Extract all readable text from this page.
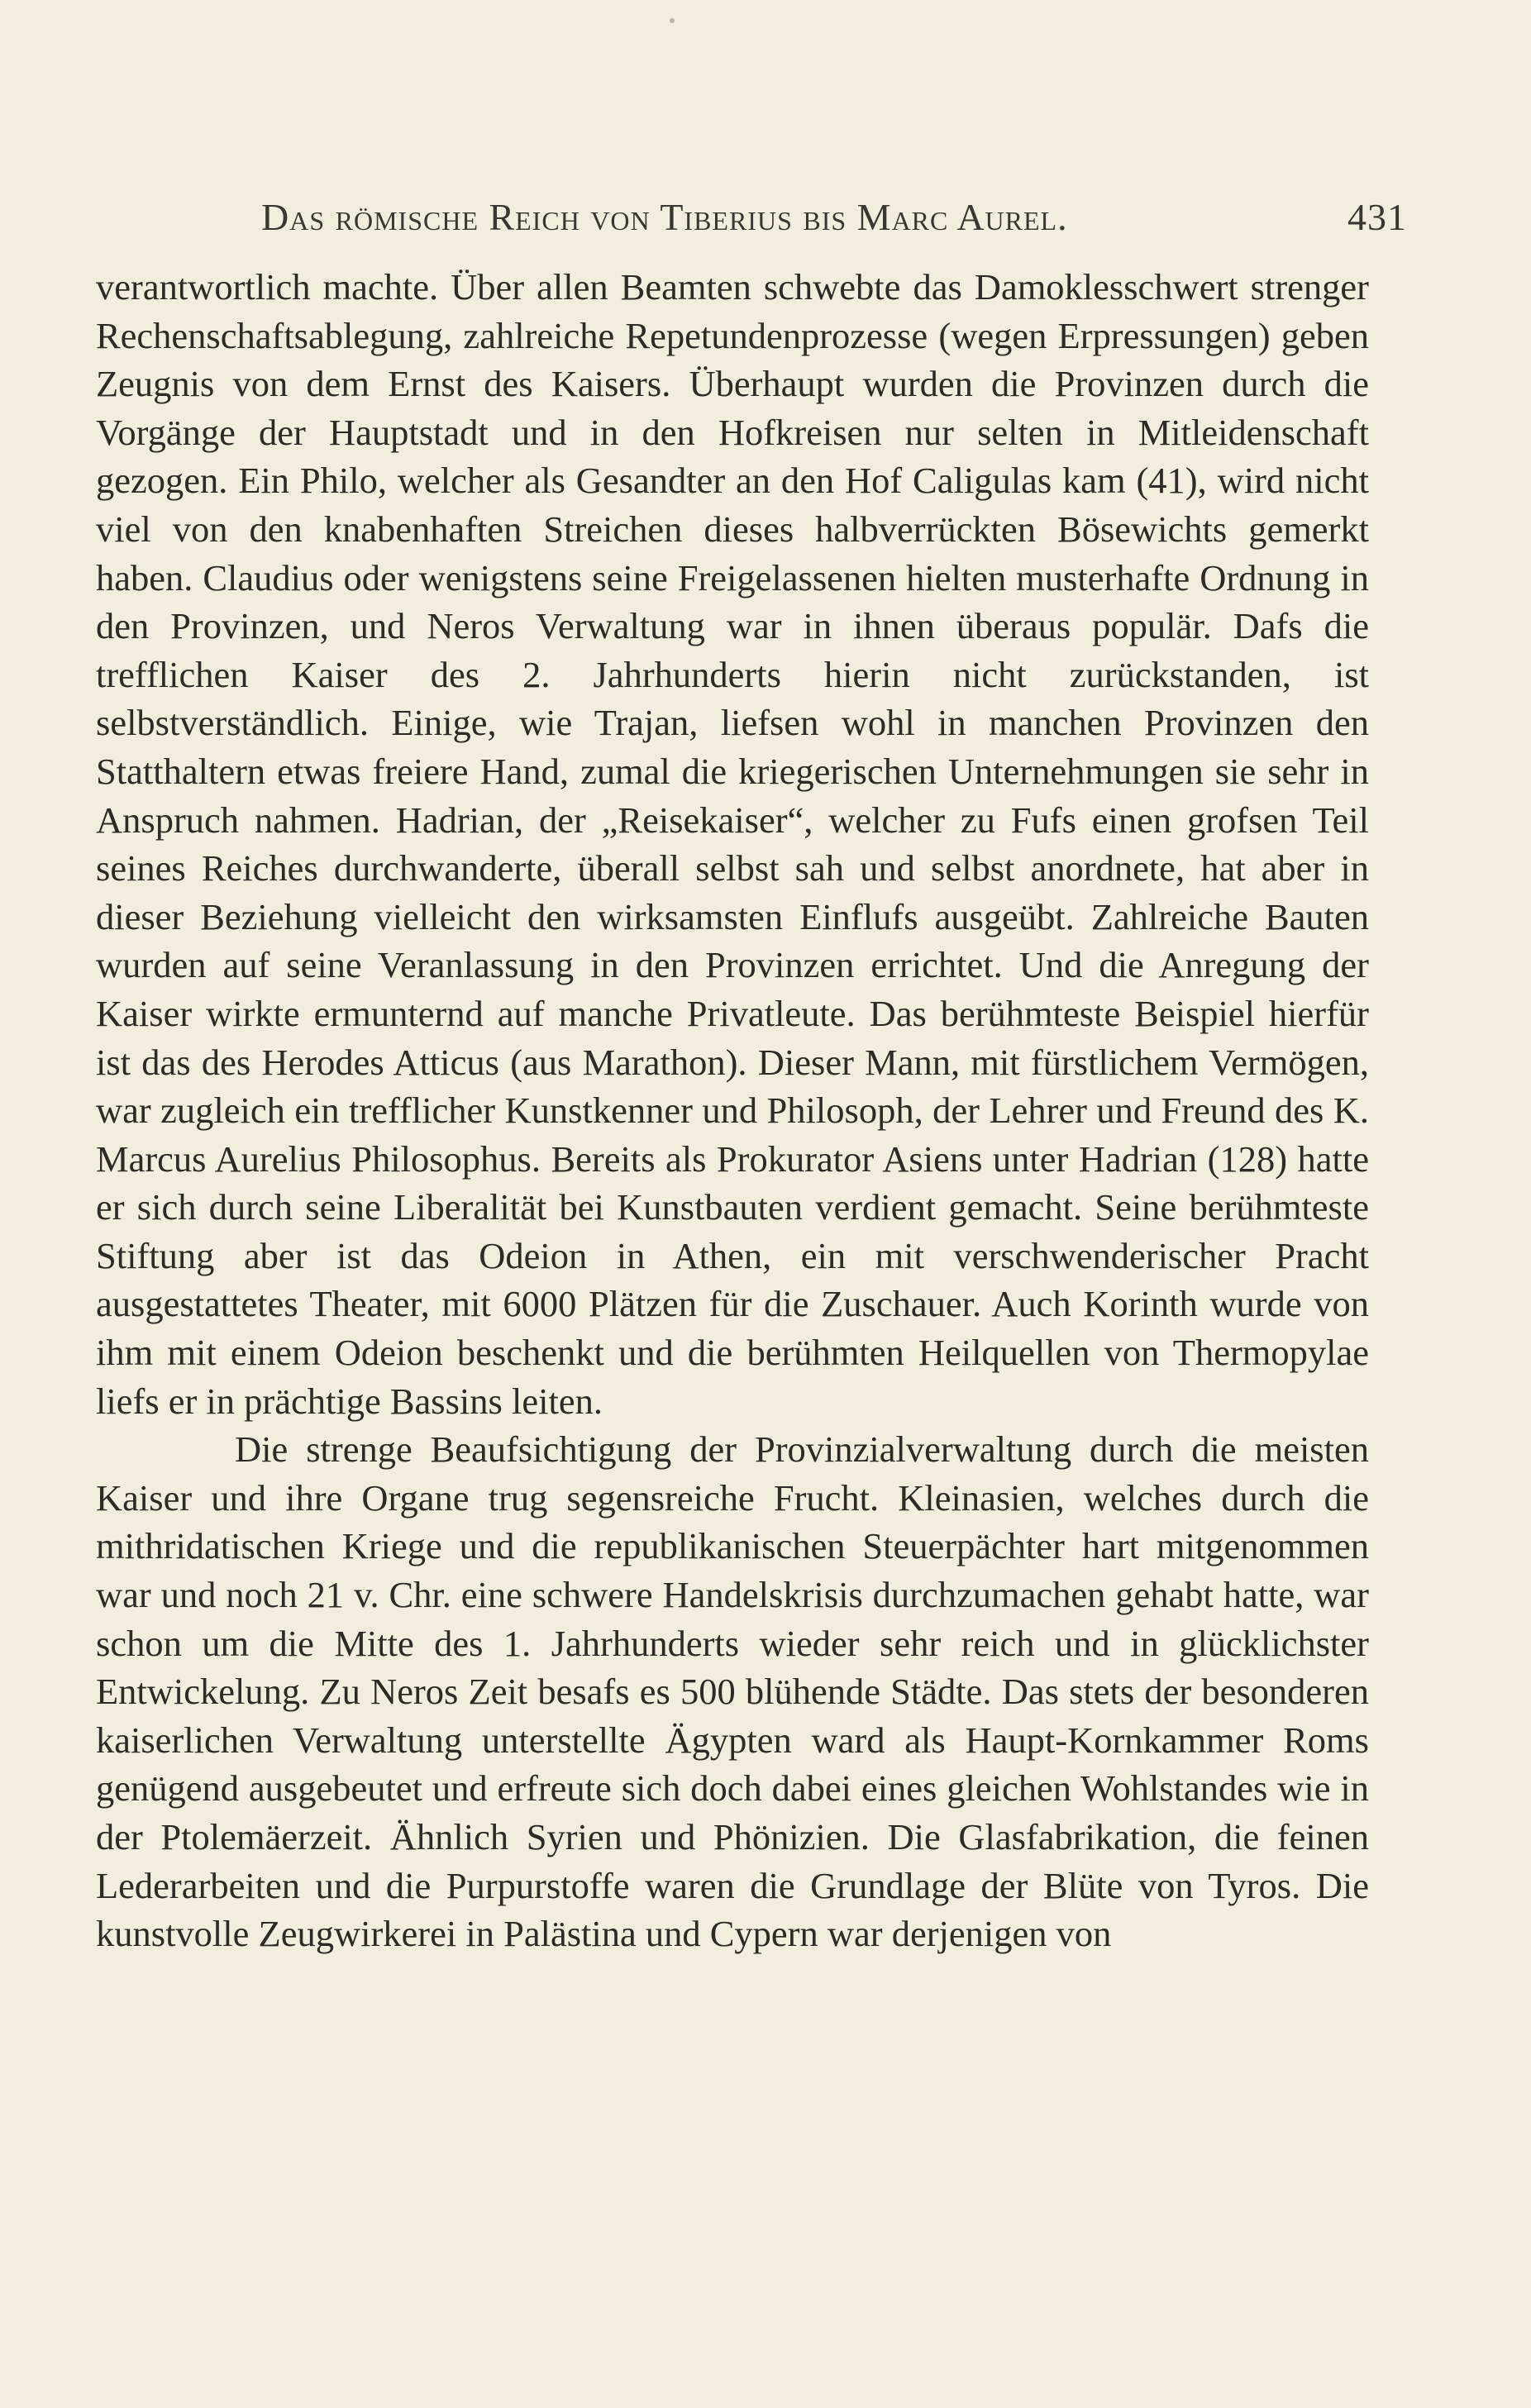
Das römische Reich von Tiberius bis Marc Aurel.	431

verantwortlich machte. Über allen Beamten schwebte das Damoklesschwert strenger Rechenschaftsablegung, zahlreiche Repetundenprozesse (wegen Erpressungen) geben Zeugnis von dem Ernst des Kaisers. Überhaupt wurden die Provinzen durch die Vorgänge der Hauptstadt und in den Hofkreisen nur selten in Mitleidenschaft gezogen. Ein Philo, welcher als Gesandter an den Hof Caligulas kam (41), wird nicht viel von den knabenhaften Streichen dieses halbverrückten Bösewichts gemerkt haben. Claudius oder wenigstens seine Freigelassenen hielten musterhafte Ordnung in den Provinzen, und Neros Verwaltung war in ihnen überaus populär. Dafs die trefflichen Kaiser des 2. Jahrhunderts hierin nicht zurückstanden, ist selbstverständlich. Einige, wie Trajan, liefsen wohl in manchen Provinzen den Statthaltern etwas freiere Hand, zumal die kriegerischen Unternehmungen sie sehr in Anspruch nahmen. Hadrian, der „Reisekaiser“, welcher zu Fufs einen grofsen Teil seines Reiches durchwanderte, überall selbst sah und selbst anordnete, hat aber in dieser Beziehung vielleicht den wirksamsten Einflufs ausgeübt. Zahlreiche Bauten wurden auf seine Veranlassung in den Provinzen errichtet. Und die Anregung der Kaiser wirkte ermunternd auf manche Privatleute. Das berühmteste Beispiel hierfür ist das des Herodes Atticus (aus Marathon). Dieser Mann, mit fürstlichem Vermögen, war zugleich ein trefflicher Kunstkenner und Philosoph, der Lehrer und Freund des K. Marcus Aurelius Philosophus. Bereits als Prokurator Asiens unter Hadrian (128) hatte er sich durch seine Liberalität bei Kunstbauten verdient gemacht. Seine berühmteste Stiftung aber ist das Odeion in Athen, ein mit verschwenderischer Pracht ausgestattetes Theater, mit 6000 Plätzen für die Zuschauer. Auch Korinth wurde von ihm mit einem Odeion beschenkt und die berühmten Heilquellen von Thermopylae liefs er in prächtige Bassins leiten.

Die strenge Beaufsichtigung der Provinzialverwaltung durch die meisten Kaiser und ihre Organe trug segensreiche Frucht. Kleinasien, welches durch die mithridatischen Kriege und die republikanischen Steuerpächter hart mitgenommen war und noch 21 v. Chr. eine schwere Handelskrisis durchzumachen gehabt hatte, war schon um die Mitte des 1. Jahrhunderts wieder sehr reich und in glücklichster Entwickelung. Zu Neros Zeit besafs es 500 blühende Städte. Das stets der besonderen kaiserlichen Verwaltung unterstellte Ägypten ward als Haupt-Kornkammer Roms genügend ausgebeutet und erfreute sich doch dabei eines gleichen Wohlstandes wie in der Ptolemäerzeit. Ähnlich Syrien und Phönizien. Die Glasfabrikation, die feinen Lederarbeiten und die Purpurstoffe waren die Grundlage der Blüte von Tyros. Die kunstvolle Zeugwirkerei in Palästina und Cypern war derjenigen von
